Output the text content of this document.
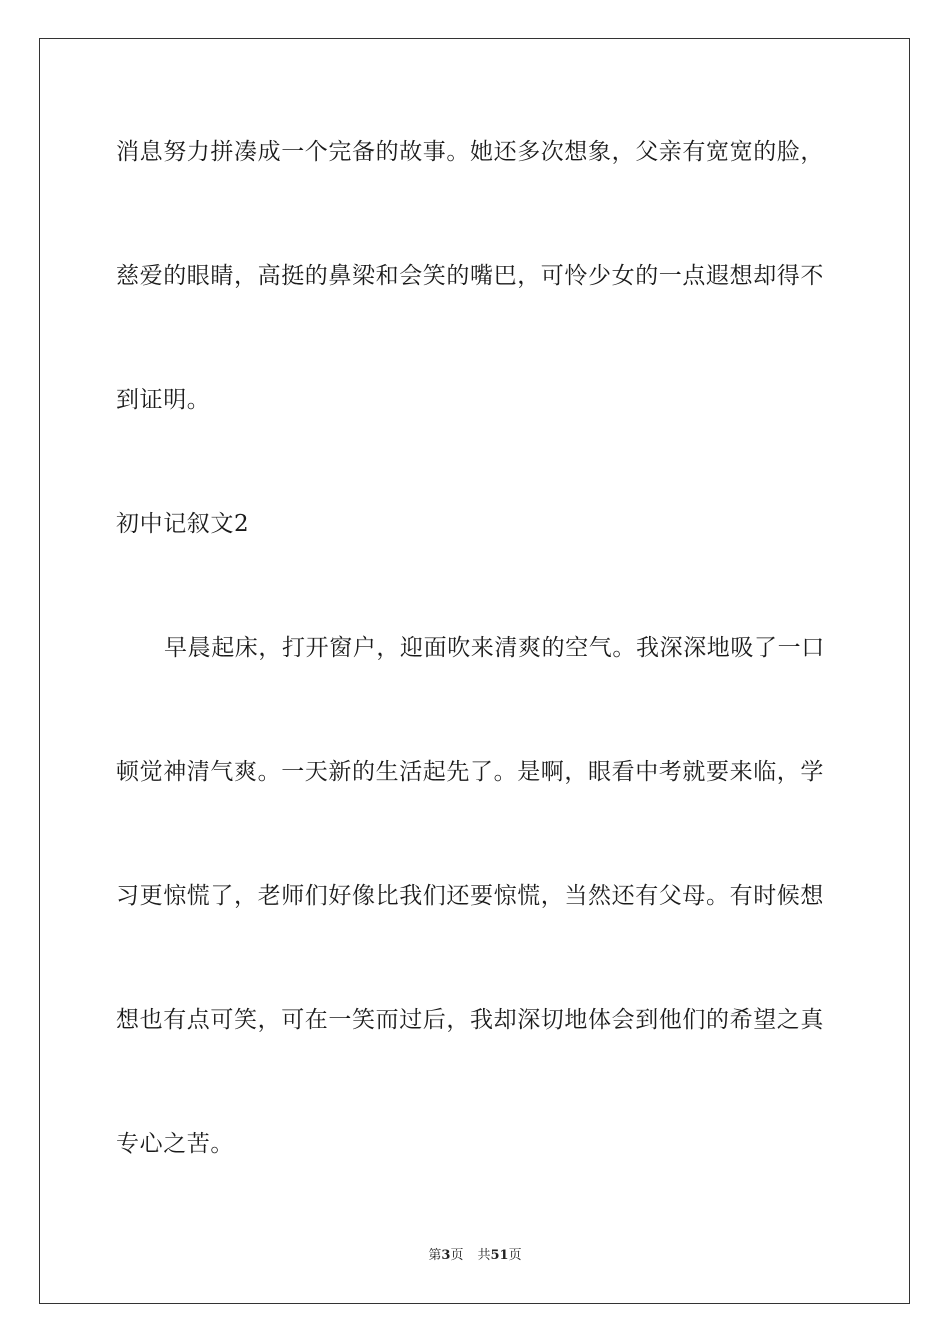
消息努力拼凑成一个完备的故事。她还多次想象，父亲有宽宽的脸，
慈爱的眼睛，高挺的鼻梁和会笑的嘴巴，可怜少女的一点遐想却得不
到证明。
初中记叙文2
早晨起床，打开窗户，迎面吹来清爽的空气。我深深地吸了一口
顿觉神清气爽。一天新的生活起先了。是啊，眼看中考就要来临，学
习更惊慌了，老师们好像比我们还要惊慌，当然还有父母。有时候想
想也有点可笑，可在一笑而过后，我却深切地体会到他们的希望之真
专心之苦。
第3页 共51页
